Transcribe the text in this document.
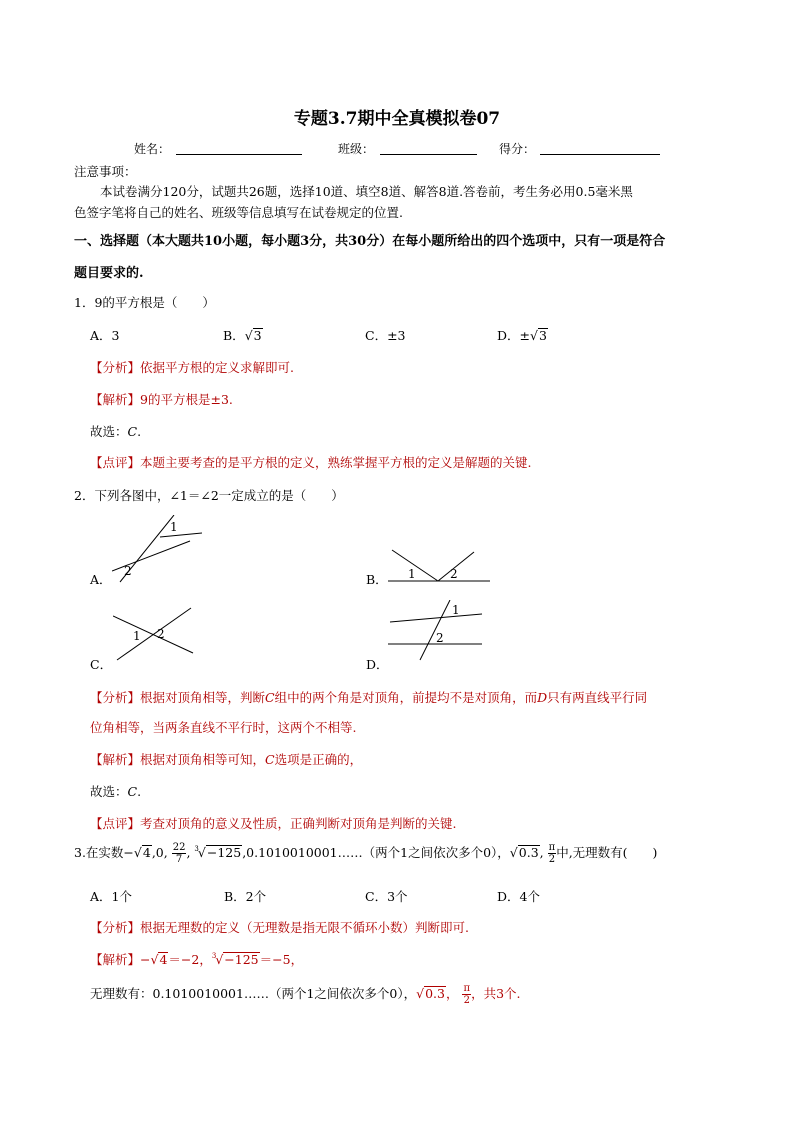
专题3.7期中全真模拟卷07
姓名：	班级：	得分：
注意事项：
本试卷满分120分，试题共26题，选择10道、填空8道、解答8道.答卷前，考生务必用0.5毫米黑
色签字笔将自己的姓名、班级等信息填写在试卷规定的位置.
一、选择题（本大题共10小题，每小题3分，共30分）在每小题所给出的四个选项中，只有一项是符合
题目要求的.
1．9的平方根是（　　）
A．3	B．√3	C．±3	D．±√3
【分析】依据平方根的定义求解即可.
【解析】9的平方根是±3.
故选：C.
【点评】本题主要考查的是平方根的定义，熟练掌握平方根的定义是解题的关键.
2．下列各图中，∠1＝∠2一定成立的是（　　）
1
2
A．	1	2
B．
1 2
C．
1
2
D．
【分析】根据对顶角相等，判断C组中的两个角是对顶角，前提均不是对顶角，而D只有两直线平行同
位角相等，当两条直线不平行时，这两个不相等.
【解析】根据对顶角相等可知，C选项是正确的，
故选：C.
【点评】考查对顶角的意义及性质，正确判断对顶角是判断的关键.
3.在实数−√4,0, $\frac{22}{7}$ , $^3$√−125,0.1010010001……（两个1之间依次多个0），√0.3, $\frac{\pi}{2}$ 中,无理数有(　　)
A．1个	B．2个	C．3个	D．4个
【分析】根据无理数的定义（无理数是指无限不循环小数）判断即可.
【解析】−√4＝−2，$^3$√−125＝−5，
无理数有：0.1010010001……（两个1之间依次多个0），√0.3， $\frac{\pi}{2}$ ，共3个.
